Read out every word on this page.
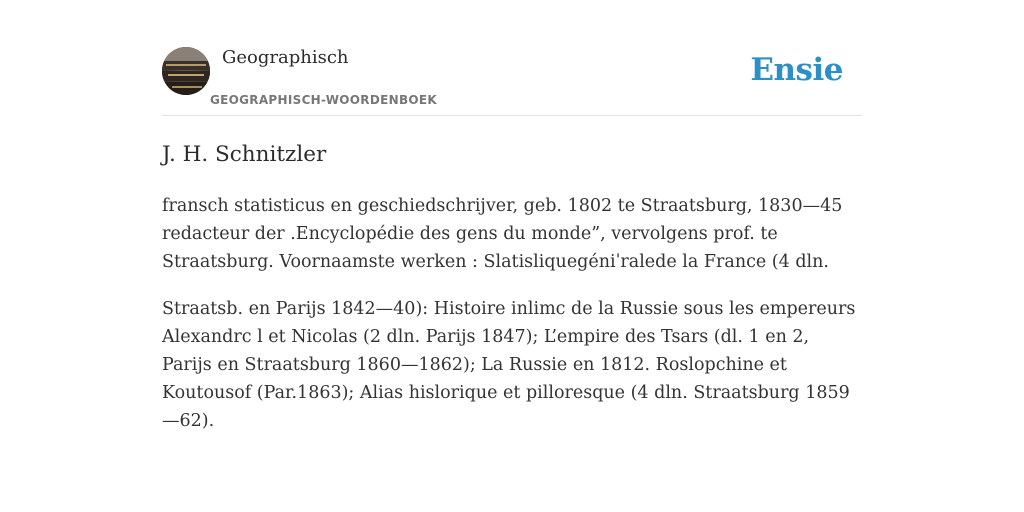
Geographisch
GEOGRAPHISCH-WOORDENBOEK
Ensie
J. H. Schnitzler

fransch statisticus en geschiedschrijver, geb. 1802 te Straatsburg, 1830—45 redacteur der .Encyclopédie des gens du monde”, vervolgens prof. te Straatsburg. Voornaamste werken : Slatisliquegéniˈralede la France (4 dln.

Straatsb. en Parijs 1842—40): Histoire inlimc de la Russie sous les empereurs Alexandrc l et Nicolas (2 dln. Parijs 1847); L’empire des Tsars (dl. 1 en 2, Parijs en Straatsburg 1860—1862); La Russie en 1812. Roslopchine et Koutousof (Par.1863); Alias hislorique et pilloresque (4 dln. Straatsburg 1859—62).
